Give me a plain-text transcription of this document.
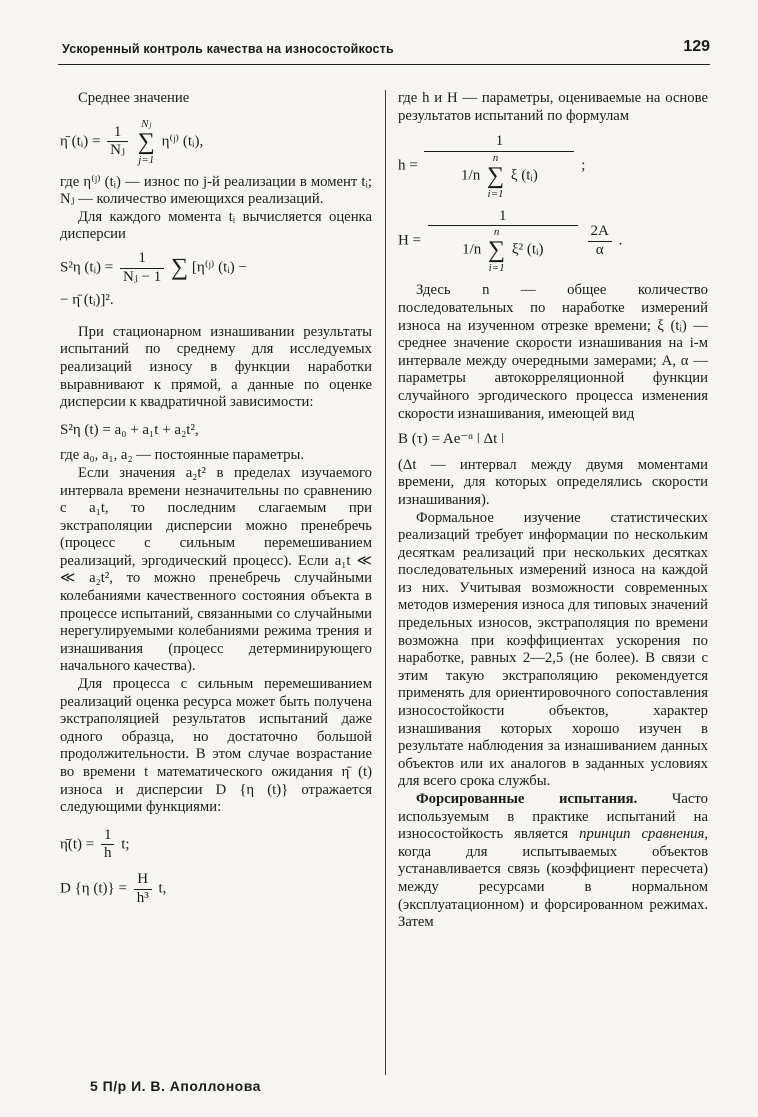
Ускоренный контроль качества на износостойкость	129

Среднее значение

η̄ (tᵢ) = $\frac{1}{\text{Nⱼ}}$
	Nⱼ
∑
j=1
η⁽ʲ⁾ (tᵢ),

где η⁽ʲ⁾ (tᵢ) — износ по j-й реализации в момент tᵢ; Nⱼ — количество имеющихся реализаций.

Для каждого момента tᵢ вычисляется оценка дисперсии

S²η (tᵢ) = $\frac{1}{\text{Nⱼ − 1}}$ ∑ [η⁽ʲ⁾ (tᵢ) −
− η̄ (tᵢ)]².

При стационарном изнашивании результаты испытаний по среднему для исследуемых реализаций износу в функции наработки выравнивают к прямой, а данные по оценке дисперсии к квадратичной зависимости:

S²η (t) = a₀ + a₁t + a₂t²,

где a₀, a₁, a₂ — постоянные параметры.

Если значения a₂t² в пределах изучаемого интервала времени незначительны по сравнению с a₁t, то последним слагаемым при экстраполяции дисперсии можно пренебречь (процесс с сильным перемешиванием реализаций, эргодический процесс). Если a₁t ≪ ≪ a₂t², то можно пренебречь случайными колебаниями качественного состояния объекта в процессе испытаний, связанными со случайными нерегулируемыми колебаниями режима трения и изнашивания (процесс детерминирующего начального качества).

Для процесса с сильным перемешиванием реализаций оценка ресурса может быть получена экстраполяцией результатов испытаний даже одного образца, но достаточно большой продолжительности. В этом случае возрастание во времени t математического ожидания η̄ (t) износа и дисперсии D {η (t)} отражается следующими функциями:

η̄(t) = $\frac{1}{h} t$;
D {η $(t)\} = \frac{H}{\text{h³}} t$,

где h и H — параметры, оцениваемые на основе результатов испытаний по формулам

h =
1
1/n
n
∑
i=1
ξ (tᵢ)
;
H =
1
1/n
n
∑
i=1
ξ² (tᵢ)
	$\frac{2A}{\alpha}$ .

Здесь n — общее количество последовательных по наработке измерений износа на изученном отрезке времени; ξ (tᵢ) — среднее значение скорости изнашивания на i-м интервале между очередными замерами; A, α — параметры автокорреляционной функции случайного эргодического процесса изменения скорости изнашивания, имеющей вид

B (τ) = Ae⁻ᵅ ǀ Δt ǀ

(Δt — интервал между двумя моментами времени, для которых определялись скорости изнашивания).

Формальное изучение статистических реализаций требует информации по нескольким десяткам реализаций при нескольких десятках последовательных измерений износа на каждой из них. Учитывая возможности современных методов измерения износа для типовых значений предельных износов, экстраполяция по времени возможна при коэффициентах ускорения по наработке, равных 2—2,5 (не более). В связи с этим такую экстраполяцию рекомендуется применять для ориентировочного сопоставления износостойкости объектов, характер изнашивания которых хорошо изучен в результате наблюдения за изнашиванием данных объектов или их аналогов в заданных условиях для всего срока службы.

Форсированные испытания. Часто используемым в практике испытаний на износостойкость является принцип сравнения, когда для испытываемых объектов устанавливается связь (коэффициент пересчета) между ресурсами в нормальном (эксплуатационном) и форсированном режимах. Затем

5 П/р И. В. Аполлонова
